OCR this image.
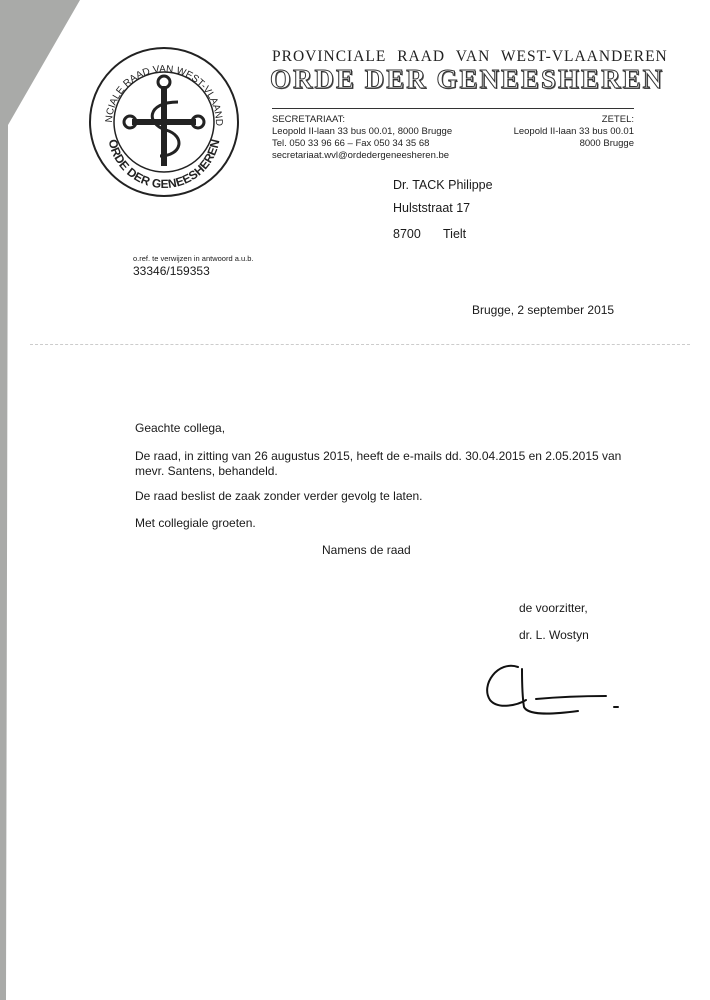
NCIALE RAAD VAN WEST-VLAAND
ORDE DER GENEESHEREN
PROVINCIALE RAAD VAN WEST-VLAANDEREN
ORDE DER GENEESHEREN
SECRETARIAAT:
Leopold II-laan 33 bus 00.01, 8000 Brugge
Tel. 050 33 96 66 – Fax 050 34 35 68
secretariaat.wvl@ordedergeneesheren.be
ZETEL:
Leopold II-laan 33 bus 00.01
8000 Brugge
Dr. TACK Philippe
Hulststraat 17
8700 Tielt
o.ref. te verwijzen in antwoord a.u.b.
33346/159353
Brugge, 2 september 2015
Geachte collega,
De raad, in zitting van 26 augustus 2015, heeft de e-mails dd. 30.04.2015 en 2.05.2015 van
mevr. Santens, behandeld.
De raad beslist de zaak zonder verder gevolg te laten.
Met collegiale groeten.
Namens de raad
de voorzitter,
dr. L. Wostyn
